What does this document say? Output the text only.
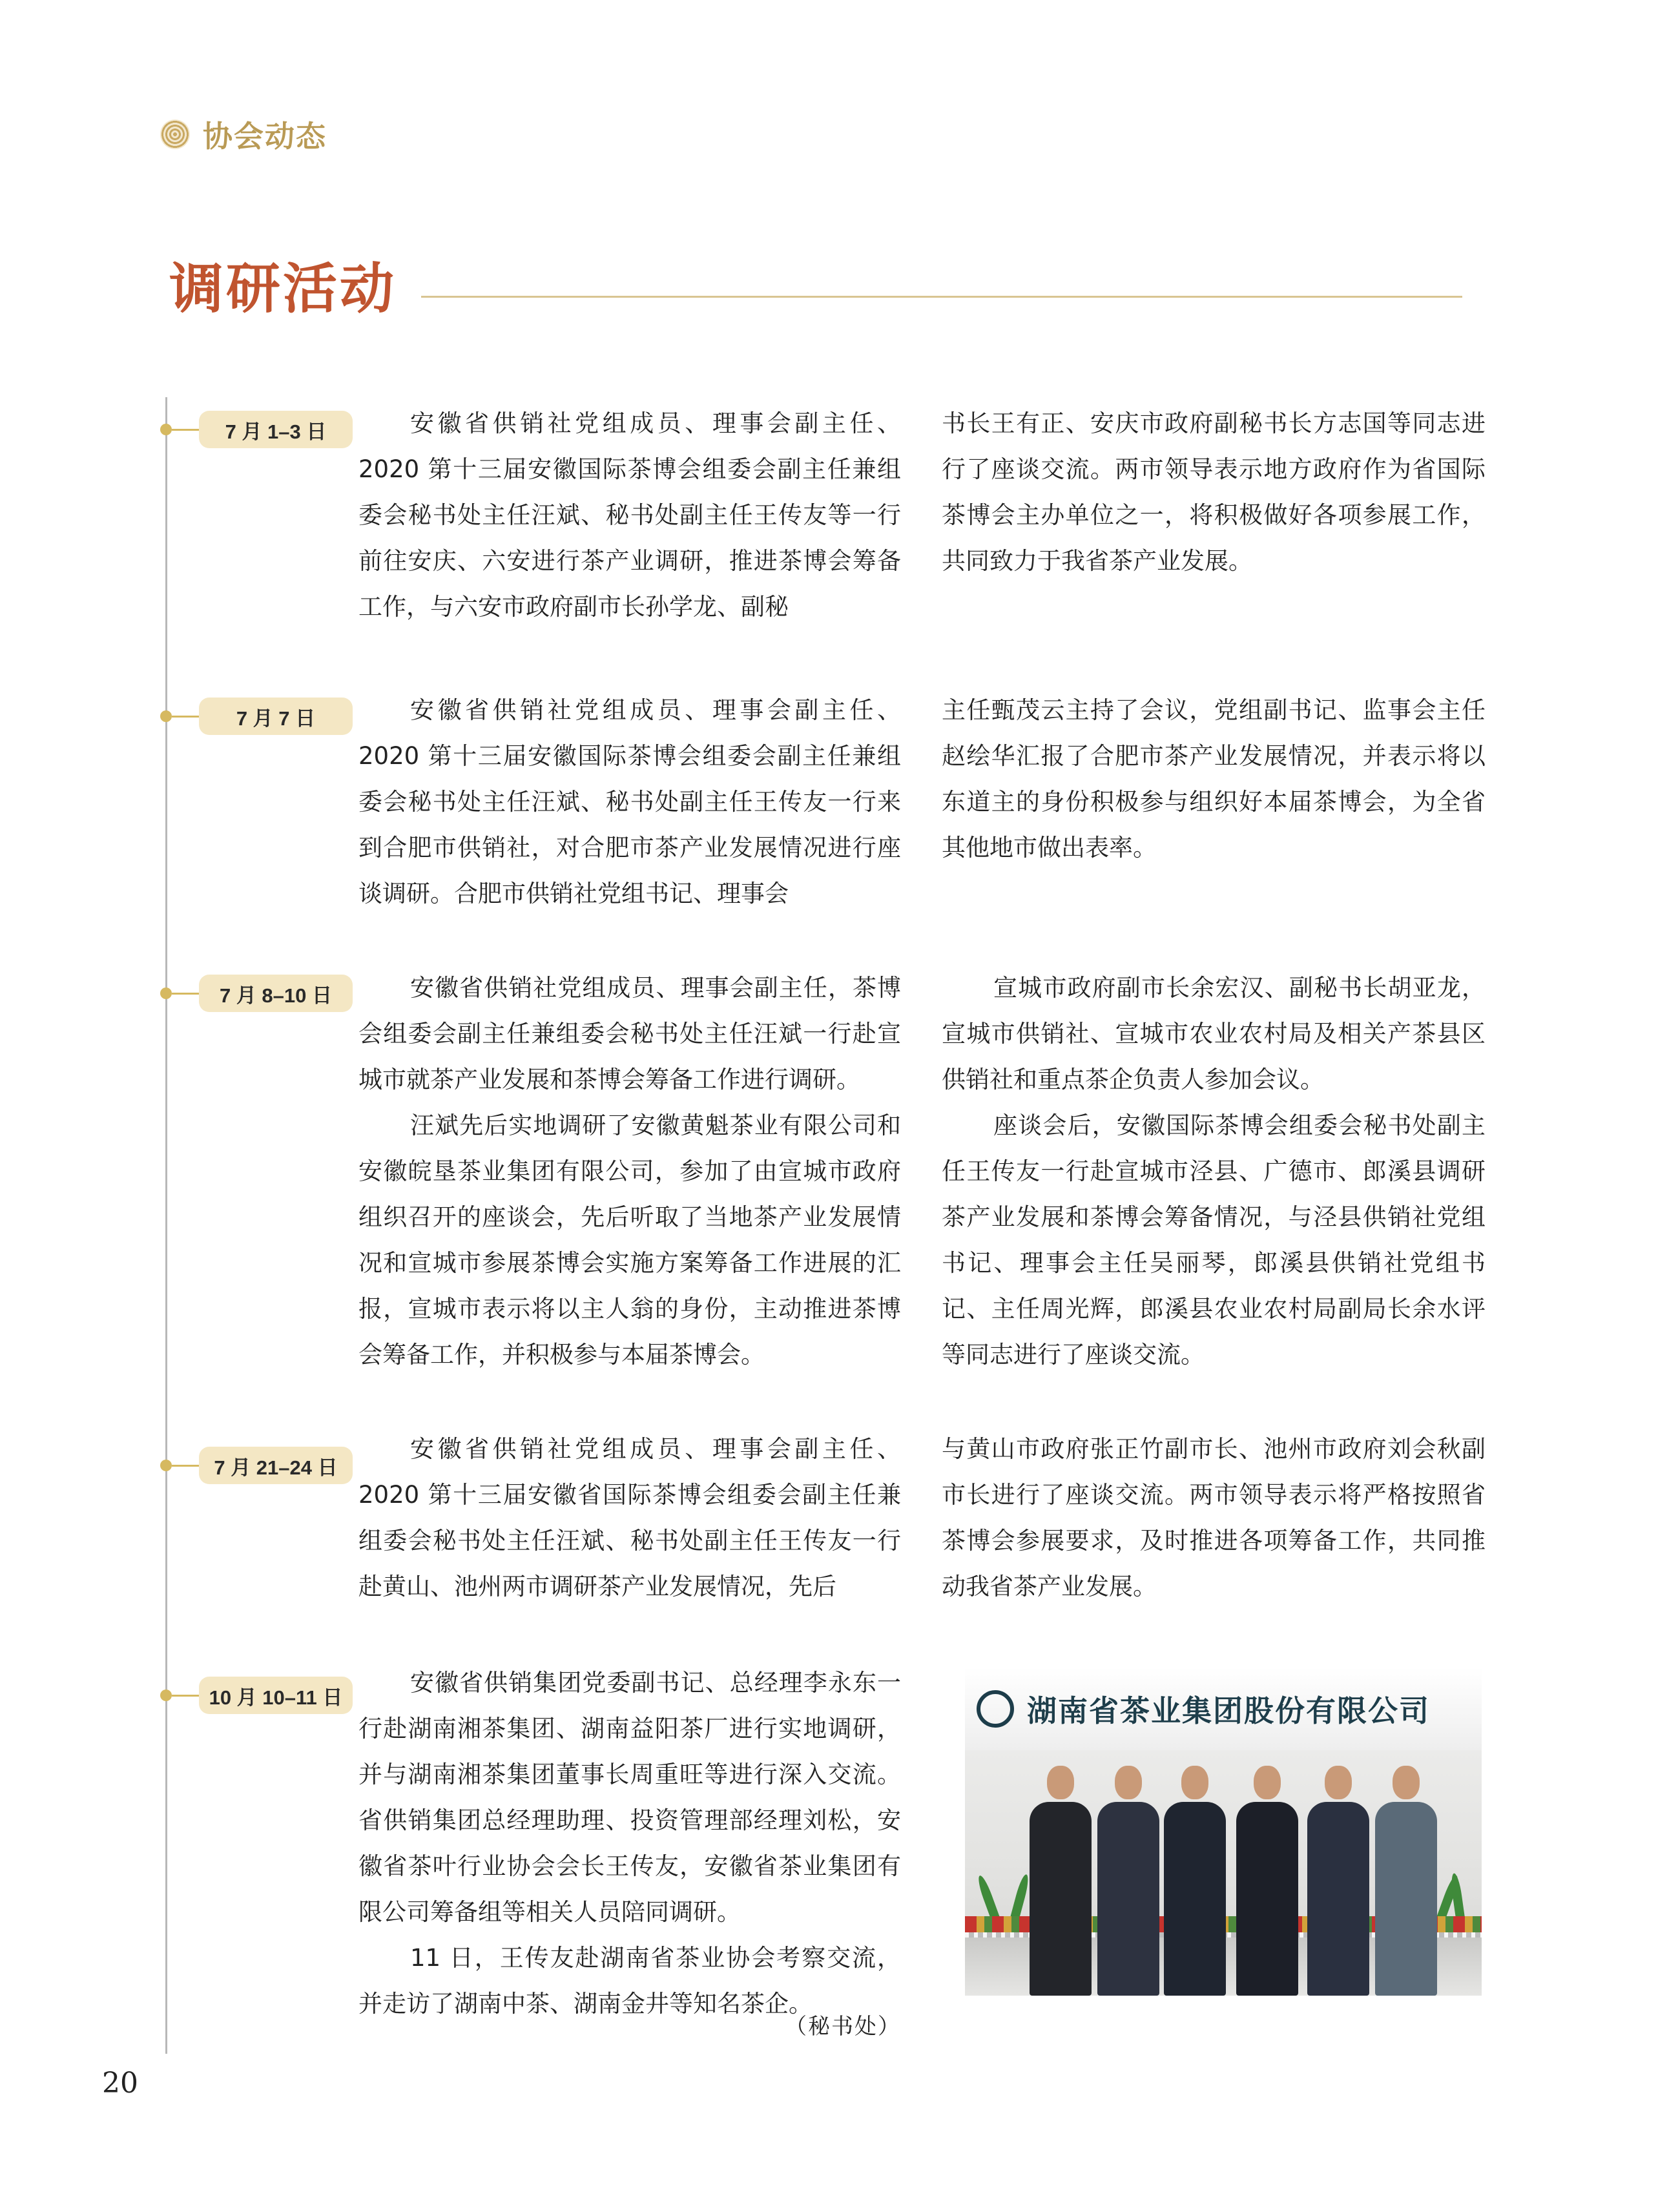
协会动态
调研活动
7 月 1–3 日	安徽省供销社党组成员、理事会副主任、2020 第十三届安徽国际茶博会组委会副主任兼组委会秘书处主任汪斌、秘书处副主任王传友等一行前往安庆、六安进行茶产业调研，推进茶博会筹备工作，与六安市政府副市长孙学龙、副秘

书长王有正、安庆市政府副秘书长方志国等同志进行了座谈交流。两市领导表示地方政府作为省国际茶博会主办单位之一，将积极做好各项参展工作，共同致力于我省茶产业发展。

7 月 7 日	安徽省供销社党组成员、理事会副主任、2020 第十三届安徽国际茶博会组委会副主任兼组委会秘书处主任汪斌、秘书处副主任王传友一行来到合肥市供销社，对合肥市茶产业发展情况进行座谈调研。合肥市供销社党组书记、理事会

主任甄茂云主持了会议，党组副书记、监事会主任赵绘华汇报了合肥市茶产业发展情况，并表示将以东道主的身份积极参与组织好本届茶博会，为全省其他地市做出表率。

7 月 8–10 日	安徽省供销社党组成员、理事会副主任，茶博会组委会副主任兼组委会秘书处主任汪斌一行赴宣城市就茶产业发展和茶博会筹备工作进行调研。

汪斌先后实地调研了安徽黄魁茶业有限公司和安徽皖垦茶业集团有限公司，参加了由宣城市政府组织召开的座谈会，先后听取了当地茶产业发展情况和宣城市参展茶博会实施方案筹备工作进展的汇报，宣城市表示将以主人翁的身份，主动推进茶博会筹备工作，并积极参与本届茶博会。

宣城市政府副市长余宏汉、副秘书长胡亚龙，宣城市供销社、宣城市农业农村局及相关产茶县区供销社和重点茶企负责人参加会议。

座谈会后，安徽国际茶博会组委会秘书处副主任王传友一行赴宣城市泾县、广德市、郎溪县调研茶产业发展和茶博会筹备情况，与泾县供销社党组书记、理事会主任吴丽琴，郎溪县供销社党组书记、主任周光辉，郎溪县农业农村局副局长余水评等同志进行了座谈交流。

7 月 21–24 日

安徽省供销社党组成员、理事会副主任、2020 第十三届安徽省国际茶博会组委会副主任兼组委会秘书处主任汪斌、秘书处副主任王传友一行赴黄山、池州两市调研茶产业发展情况，先后

与黄山市政府张正竹副市长、池州市政府刘会秋副市长进行了座谈交流。两市领导表示将严格按照省茶博会参展要求，及时推进各项筹备工作，共同推动我省茶产业发展。

10 月 10–11 日

安徽省供销集团党委副书记、总经理李永东一行赴湖南湘茶集团、湖南益阳茶厂进行实地调研，并与湖南湘茶集团董事长周重旺等进行深入交流。省供销集团总经理助理、投资管理部经理刘松，安徽省茶叶行业协会会长王传友，安徽省茶业集团有限公司筹备组等相关人员陪同调研。

11 日，王传友赴湖南省茶业协会考察交流，并走访了湖南中茶、湖南金井等知名茶企。

湖南省茶业集团股份有限公司
（秘书处）
20
